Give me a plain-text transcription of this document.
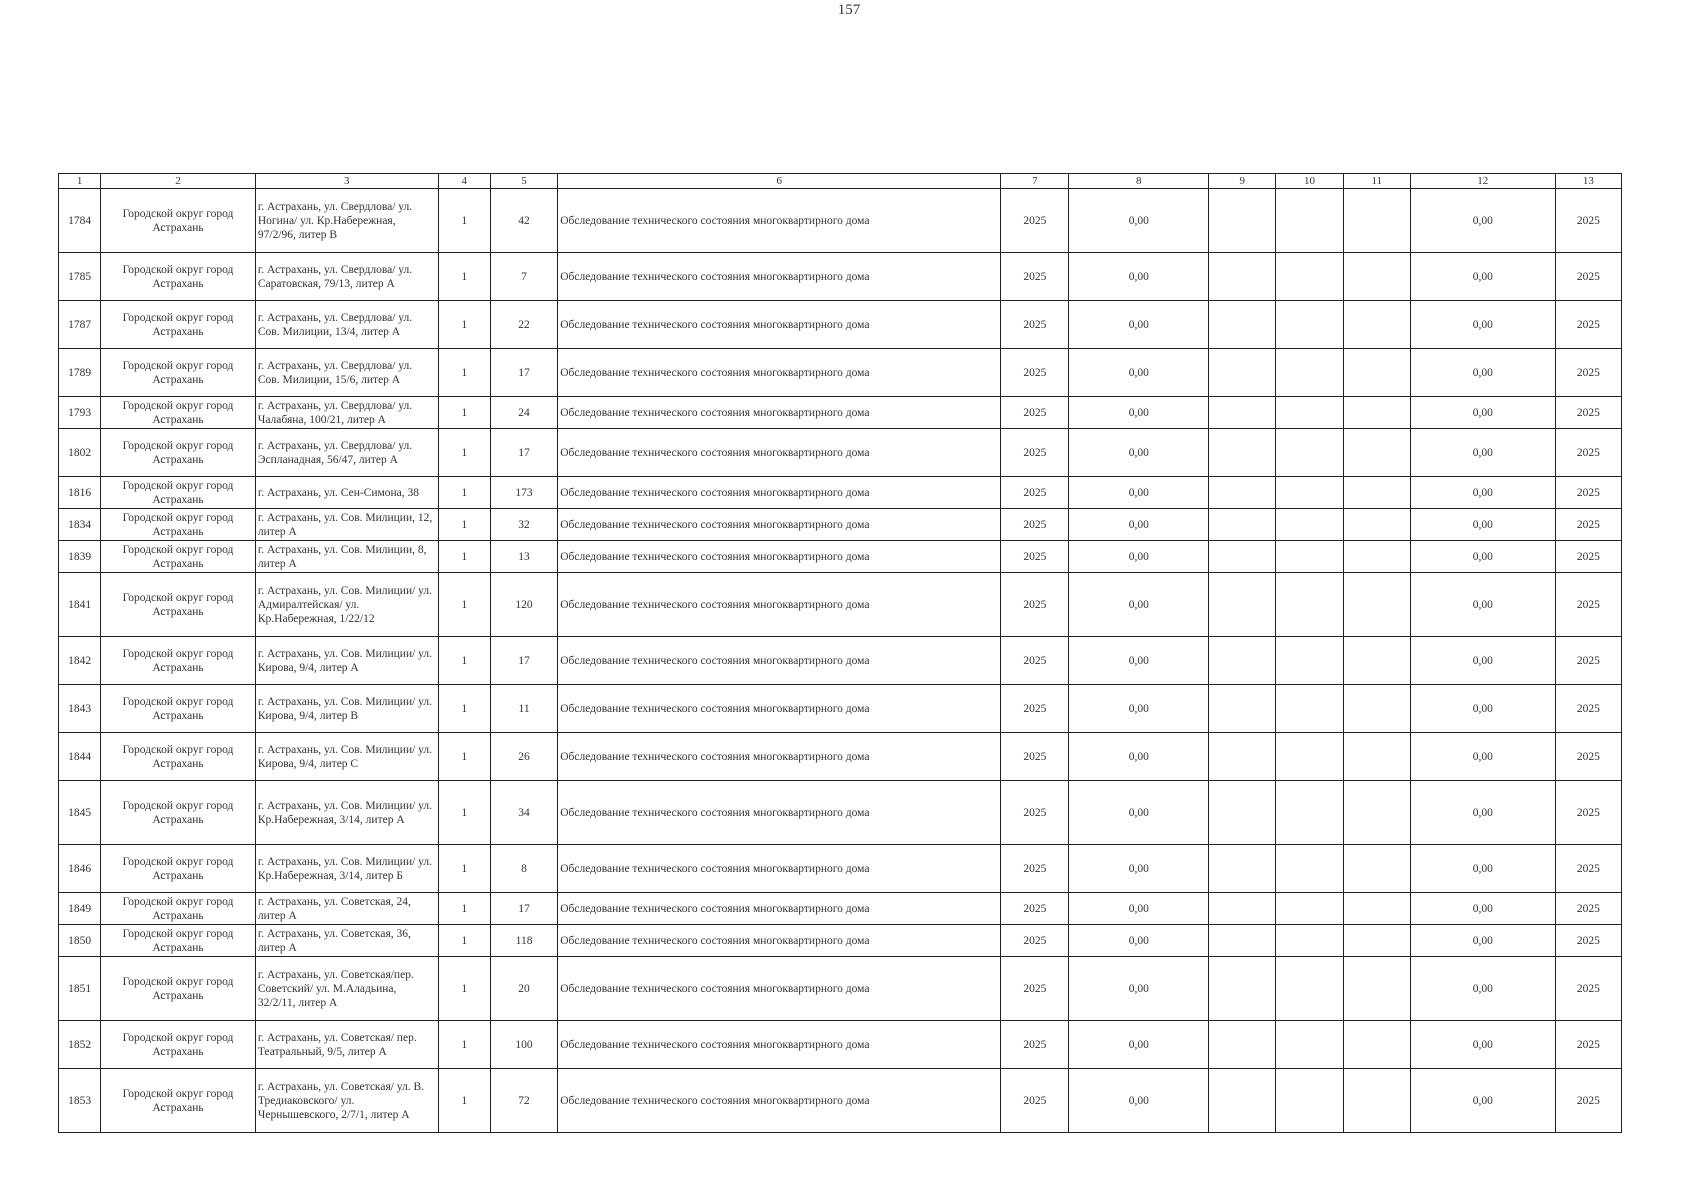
157
1	2	3	4	5	6	7	8	9	10	11	12	13
1784	Городской округ город Астрахань	г. Астрахань, ул. Свердлова/ ул. Ногина/ ул. Кр.Набережная, 97/2/96, литер В	1	42	Обследование технического состояния многоквартирного дома	2025	0,00				0,00	2025
1785	Городской округ город Астрахань	г. Астрахань, ул. Свердлова/ ул. Саратовская, 79/13, литер А	1	7	Обследование технического состояния многоквартирного дома	2025	0,00				0,00	2025
1787	Городской округ город Астрахань	г. Астрахань, ул. Свердлова/ ул. Сов. Милиции, 13/4, литер А	1	22	Обследование технического состояния многоквартирного дома	2025	0,00				0,00	2025
1789	Городской округ город Астрахань	г. Астрахань, ул. Свердлова/ ул. Сов. Милиции, 15/6, литер А	1	17	Обследование технического состояния многоквартирного дома	2025	0,00				0,00	2025
1793	Городской округ город Астрахань	г. Астрахань, ул. Свердлова/ ул. Чалабяна, 100/21, литер А	1	24	Обследование технического состояния многоквартирного дома	2025	0,00				0,00	2025
1802	Городской округ город Астрахань	г. Астрахань, ул. Свердлова/ ул. Эспланадная, 56/47, литер А	1	17	Обследование технического состояния многоквартирного дома	2025	0,00				0,00	2025
1816	Городской округ город Астрахань	г. Астрахань, ул. Сен-Симона, 38	1	173	Обследование технического состояния многоквартирного дома	2025	0,00				0,00	2025
1834	Городской округ город Астрахань	г. Астрахань, ул. Сов. Милиции, 12, литер А	1	32	Обследование технического состояния многоквартирного дома	2025	0,00				0,00	2025
1839	Городской округ город Астрахань	г. Астрахань, ул. Сов. Милиции, 8, литер А	1	13	Обследование технического состояния многоквартирного дома	2025	0,00				0,00	2025
1841	Городской округ город Астрахань	г. Астрахань, ул. Сов. Милиции/ ул. Адмиралтейская/ ул. Кр.Набережная, 1/22/12	1	120	Обследование технического состояния многоквартирного дома	2025	0,00				0,00	2025
1842	Городской округ город Астрахань	г. Астрахань, ул. Сов. Милиции/ ул. Кирова, 9/4, литер А	1	17	Обследование технического состояния многоквартирного дома	2025	0,00				0,00	2025
1843	Городской округ город Астрахань	г. Астрахань, ул. Сов. Милиции/ ул. Кирова, 9/4, литер В	1	11	Обследование технического состояния многоквартирного дома	2025	0,00				0,00	2025
1844	Городской округ город Астрахань	г. Астрахань, ул. Сов. Милиции/ ул. Кирова, 9/4, литер С	1	26	Обследование технического состояния многоквартирного дома	2025	0,00				0,00	2025
1845	Городской округ город Астрахань	г. Астрахань, ул. Сов. Милиции/ ул. Кр.Набережная, 3/14, литер А	1	34	Обследование технического состояния многоквартирного дома	2025	0,00				0,00	2025
1846	Городской округ город Астрахань	г. Астрахань, ул. Сов. Милиции/ ул. Кр.Набережная, 3/14, литер Б	1	8	Обследование технического состояния многоквартирного дома	2025	0,00				0,00	2025
1849	Городской округ город Астрахань	г. Астрахань, ул. Советская, 24, литер А	1	17	Обследование технического состояния многоквартирного дома	2025	0,00				0,00	2025
1850	Городской округ город Астрахань	г. Астрахань, ул. Советская, 36, литер А	1	118	Обследование технического состояния многоквартирного дома	2025	0,00				0,00	2025
1851	Городской округ город Астрахань	г. Астрахань, ул. Советская/пер. Советский/ ул. М.Аладьина, 32/2/11, литер А	1	20	Обследование технического состояния многоквартирного дома	2025	0,00				0,00	2025
1852	Городской округ город Астрахань	г. Астрахань, ул. Советская/ пер. Театральный, 9/5, литер А	1	100	Обследование технического состояния многоквартирного дома	2025	0,00				0,00	2025
1853	Городской округ город Астрахань	г. Астрахань, ул. Советская/ ул. В. Тредиаковского/ ул. Чернышевского, 2/7/1, литер А	1	72	Обследование технического состояния многоквартирного дома	2025	0,00				0,00	2025
